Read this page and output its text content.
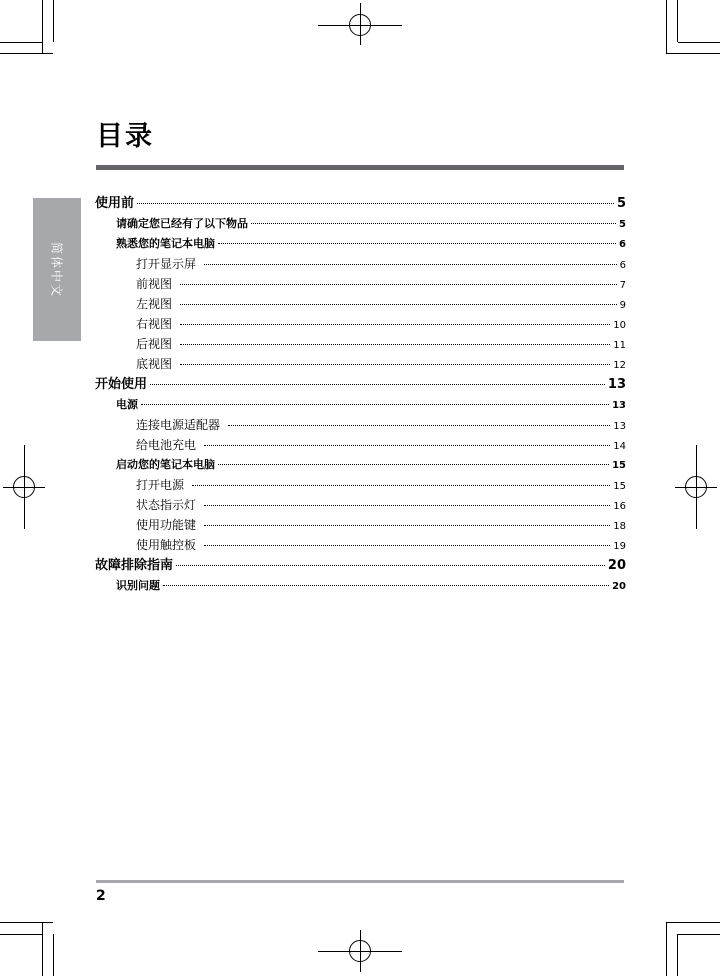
简体中文
目录
使用前	5
请确定您已经有了以下物品	5
熟悉您的笔记本电脑	6
打开显示屏	6
前视图	7
左视图	9
右视图	10
后视图	11
底视图	12
开始使用	13
电源	13
连接电源适配器	13
给电池充电	14
启动您的笔记本电脑	15
打开电源	15
状态指示灯	16
使用功能键	18
使用触控板	19
故障排除指南	20
识别问题	20
2
